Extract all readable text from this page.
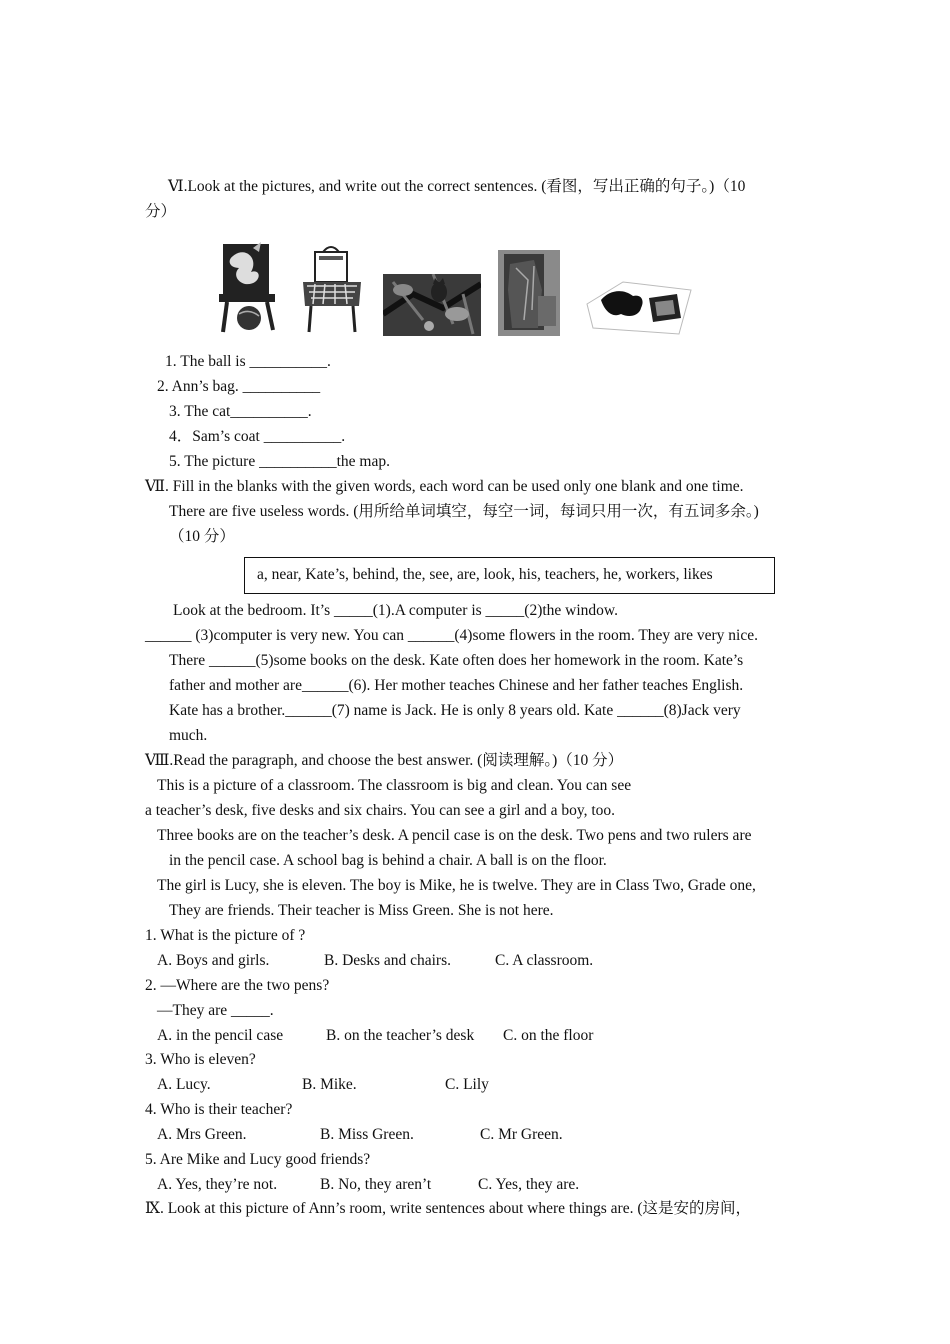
Ⅵ.Look at the pictures, and write out the correct sentences. (看图，写出正确的句子。)（10
分）
1. The ball is __________.
2. Ann’s bag. __________
3. The cat__________.
4．Sam’s coat __________.
5. The picture __________the map.
Ⅶ. Fill in the blanks with the given words, each word can be used only one blank and one time.
There are five useless words. (用所给单词填空，每空一词，每词只用一次，有五词多余。)
（10 分）
a, near, Kate’s, behind, the, see, are, look, his, teachers, he, workers, likes
Look at the bedroom. It’s _____(1).A computer is _____(2)the window.
______ (3)computer is very new. You can ______(4)some flowers in the room. They are very nice.
There ______(5)some books on the desk. Kate often does her homework in the room. Kate’s
father and mother are______(6). Her mother teaches Chinese and her father teaches English.
Kate has a brother.______(7) name is Jack. He is only 8 years old. Kate ______(8)Jack very
much.
Ⅷ.Read the paragraph, and choose the best answer. (阅读理解。)（10 分）
This is a picture of a classroom. The classroom is big and clean. You can see
a teacher’s desk, five desks and six chairs. You can see a girl and a boy, too.
Three books are on the teacher’s desk. A pencil case is on the desk. Two pens and two rulers are
in the pencil case. A school bag is behind a chair. A ball is on the floor.
The girl is Lucy, she is eleven. The boy is Mike, he is twelve. They are in Class Two, Grade one,
They are friends. Their teacher is Miss Green. She is not here.
1. What is the picture of ?
A. Boys and girls.	B. Desks and chairs.	C. A classroom.
2. —Where are the two pens?
—They are _____.
A. in the pencil case	B. on the teacher’s desk C. on the floor
3. Who is eleven?
A. Lucy.	B. Mike.	C. Lily
4. Who is their teacher?
A. Mrs Green.	B. Miss Green.	C. Mr Green.
5. Are Mike and Lucy good friends?
A. Yes, they’re not.	B. No, they aren’t	C. Yes, they are.
Ⅸ. Look at this picture of Ann’s room, write sentences about where things are. (这是安的房间，
